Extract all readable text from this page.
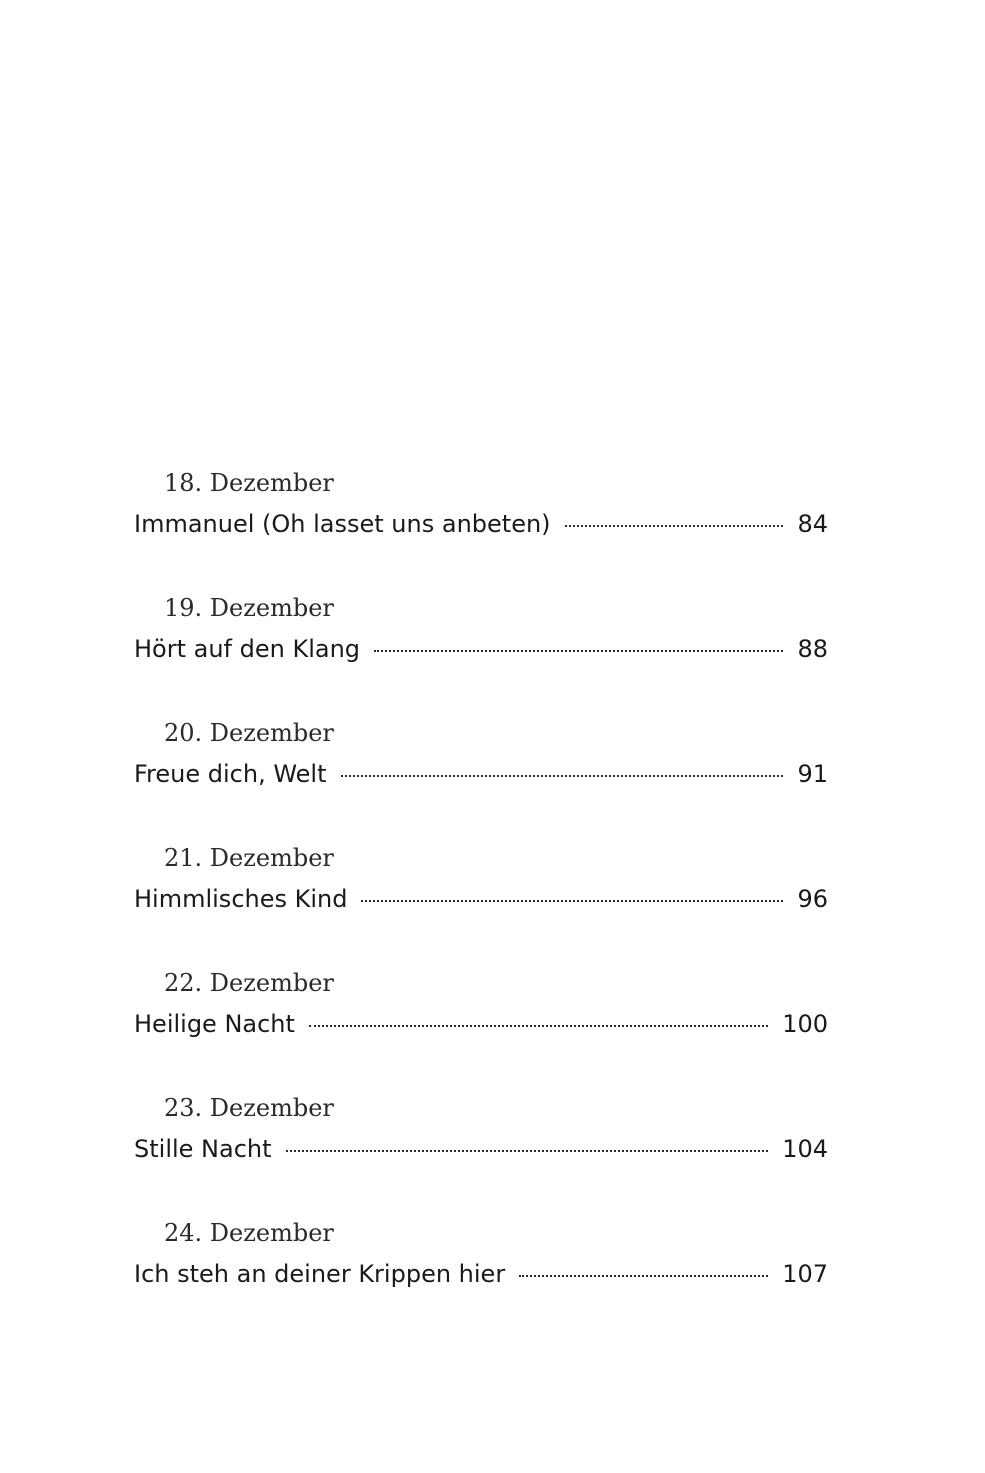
18. Dezember
Immanuel (Oh lasset uns anbeten)	84
19. Dezember
Hört auf den Klang	88
20. Dezember
Freue dich, Welt	91
21. Dezember
Himmlisches Kind	96
22. Dezember
Heilige Nacht	100
23. Dezember
Stille Nacht	104
24. Dezember
Ich steh an deiner Krippen hier	107
